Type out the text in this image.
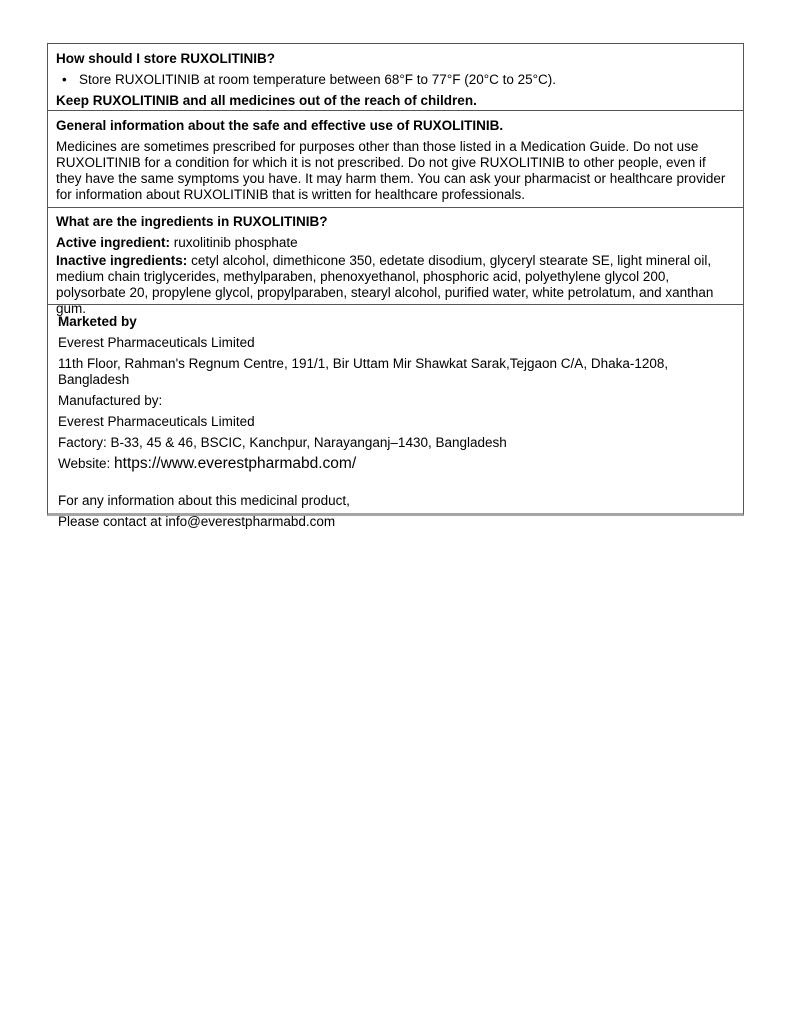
How should I store RUXOLITINIB?
• Store RUXOLITINIB at room temperature between 68°F to 77°F (20°C to 25°C).

Keep RUXOLITINIB and all medicines out of the reach of children.

General information about the safe and effective use of RUXOLITINIB.

Medicines are sometimes prescribed for purposes other than those listed in a Medication Guide. Do not use RUXOLITINIB for a condition for which it is not prescribed. Do not give RUXOLITINIB to other people, even if they have the same symptoms you have. It may harm them. You can ask your pharmacist or healthcare provider for information about RUXOLITINIB that is written for healthcare professionals.

What are the ingredients in RUXOLITINIB?

Active ingredient: ruxolitinib phosphate

Inactive ingredients: cetyl alcohol, dimethicone 350, edetate disodium, glyceryl stearate SE, light mineral oil, medium chain triglycerides, methylparaben, phenoxyethanol, phosphoric acid, polyethylene glycol 200, polysorbate 20, propylene glycol, propylparaben, stearyl alcohol, purified water, white petrolatum, and xanthan gum.

Marketed by

Everest Pharmaceuticals Limited

11th Floor, Rahman's Regnum Centre, 191/1, Bir Uttam Mir Shawkat Sarak,Tejgaon C/A, Dhaka-1208, Bangladesh

Manufactured by:

Everest Pharmaceuticals Limited

Factory: B-33, 45 & 46, BSCIC, Kanchpur, Narayanganj–1430, Bangladesh

Website: https://www.everestpharmabd.com/

For any information about this medicinal product,

Please contact at info@everestpharmabd.com
